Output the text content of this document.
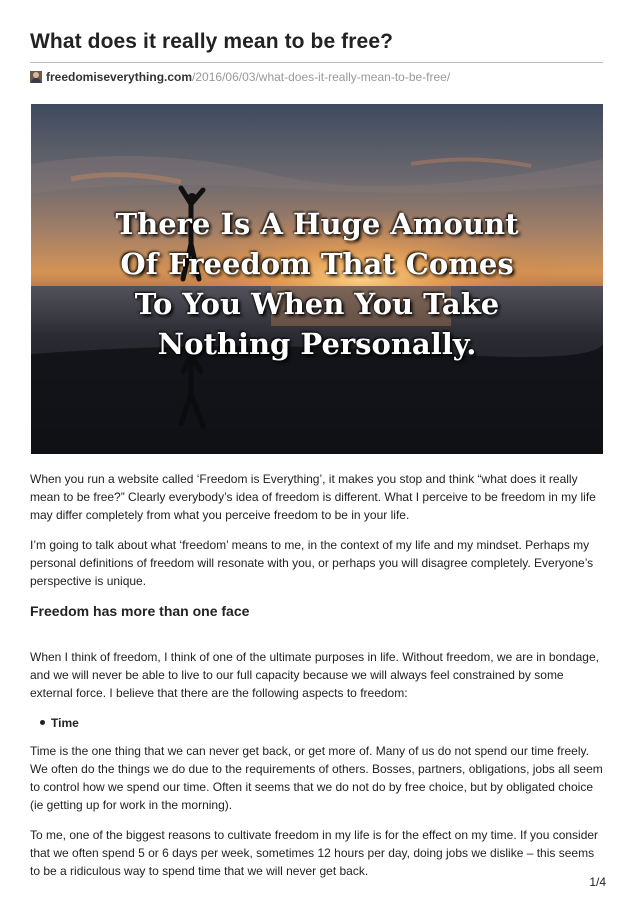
What does it really mean to be free?
freedomiseverything.com/2016/06/03/what-does-it-really-mean-to-be-free/
There Is A Huge Amount
Of Freedom That Comes
To You When You Take
Nothing Personally.

When you run a website called ‘Freedom is Everything’, it makes you stop and think “what does it really mean to be free?” Clearly everybody’s idea of freedom is different. What I perceive to be freedom in my life may differ completely from what you perceive freedom to be in your life.

I’m going to talk about what ‘freedom’ means to me, in the context of my life and my mindset. Perhaps my personal definitions of freedom will resonate with you, or perhaps you will disagree completely. Everyone’s perspective is unique.

Freedom has more than one face

When I think of freedom, I think of one of the ultimate purposes in life. Without freedom, we are in bondage, and we will never be able to live to our full capacity because we will always feel constrained by some external force. I believe that there are the following aspects to freedom:

Time

Time is the one thing that we can never get back, or get more of. Many of us do not spend our time freely. We often do the things we do due to the requirements of others. Bosses, partners, obligations, jobs all seem to control how we spend our time. Often it seems that we do not do by free choice, but by obligated choice (ie getting up for work in the morning).

To me, one of the biggest reasons to cultivate freedom in my life is for the effect on my time. If you consider that we often spend 5 or 6 days per week, sometimes 12 hours per day, doing jobs we dislike – this seems to be a ridiculous way to spend time that we will never get back.

1/4
